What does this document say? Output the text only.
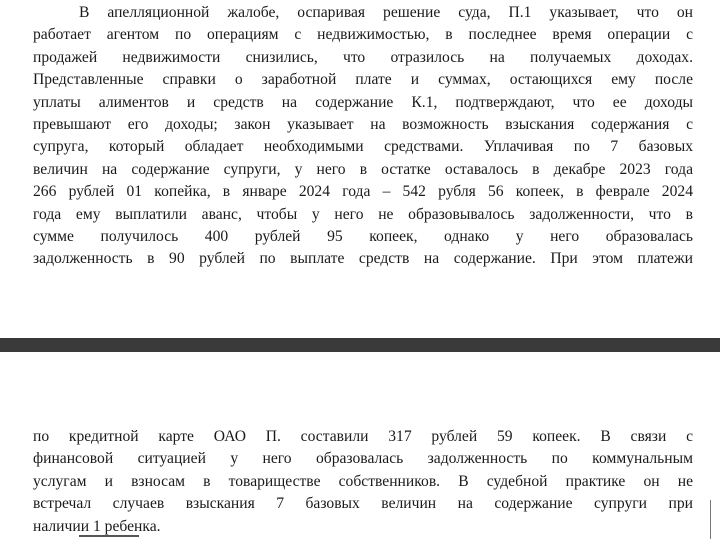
В апелляционной жалобе, оспаривая решение суда, П.1 указывает, что он
работает агентом по операциям с недвижимостью, в последнее время операции с
продажей недвижимости снизились, что отразилось на получаемых доходах.
Представленные справки о заработной плате и суммах, остающихся ему после
уплаты алиментов и средств на содержание К.1, подтверждают, что ее доходы
превышают его доходы; закон указывает на возможность взыскания содержания с
супруга, который обладает необходимыми средствами. Уплачивая по 7 базовых
величин на содержание супруги, у него в остатке оставалось в декабре 2023 года
266 рублей 01 копейка, в январе 2024 года – 542 рубля 56 копеек, в феврале 2024
года ему выплатили аванс, чтобы у него не образовывалось задолженности, что в
сумме получилось 400 рублей 95 копеек, однако у него образовалась
задолженность в 90 рублей по выплате средств на содержание. При этом платежи
по кредитной карте ОАО П. составили 317 рублей 59 копеек. В связи с
финансовой ситуацией у него образовалась задолженность по коммунальным
услугам и взносам в товариществе собственников. В судебной практике он не
встречал случаев взыскания 7 базовых величин на содержание супруги при
наличии 1 ребенка.
